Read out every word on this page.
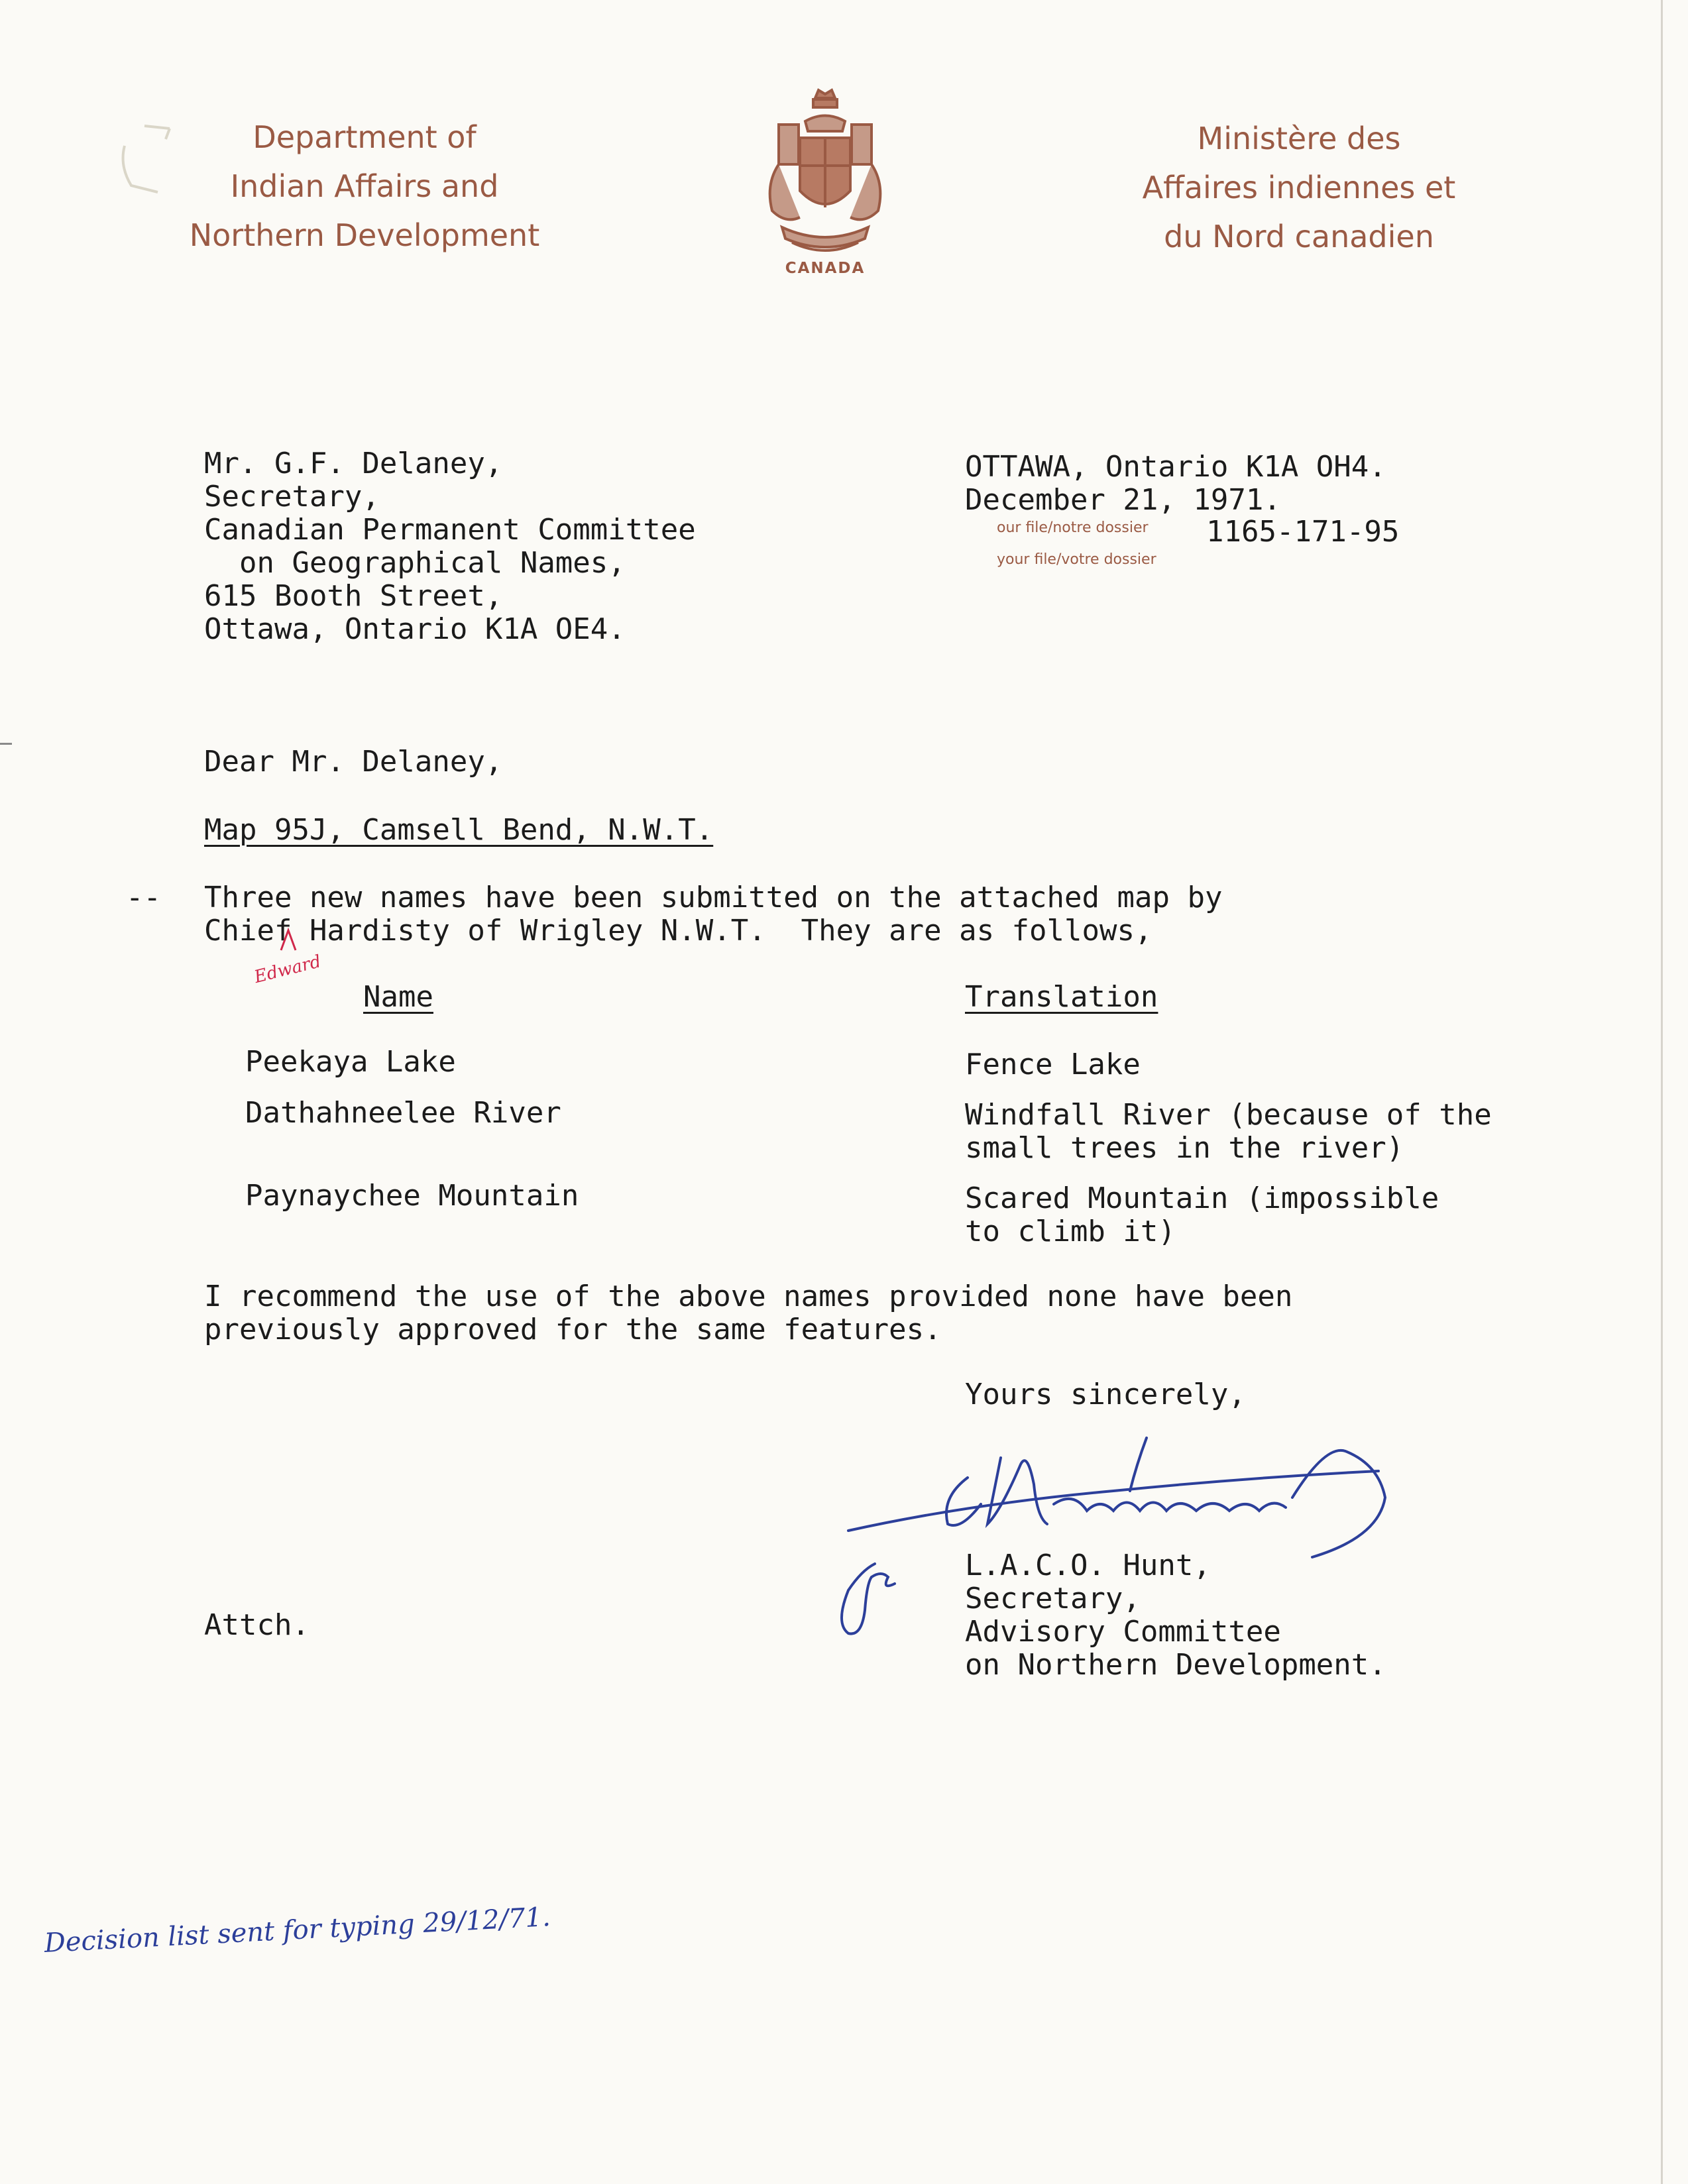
Department of
Indian Affairs and
Northern Development
CANADA
Ministère des
Affaires indiennes et
du Nord canadien
Mr. G.F. Delaney,
Secretary,
Canadian Permanent Committee
on Geographical Names,
615 Booth Street,
Ottawa, Ontario K1A OE4.
OTTAWA, Ontario K1A OH4.
December 21, 1971.
our file/notre dossier 1165-171-95
your file/votre dossier
Dear Mr. Delaney,
Map 95J, Camsell Bend, N.W.T.
-- Three new names have been submitted on the attached map by
Chief Hardisty of Wrigley N.W.T.  They are as follows,
Edward
Name	Translation
Peekaya Lake	Fence Lake
Dathahneelee River	Windfall River (because of the
small trees in the river)
Paynaychee Mountain	Scared Mountain (impossible
to climb it)
I recommend the use of the above names provided none have been
previously approved for the same features.
Yours sincerely,
L.A.C.O. Hunt,
Secretary,
Advisory Committee
on Northern Development.
Attch.
Decision list sent for typing 29/12/71.
